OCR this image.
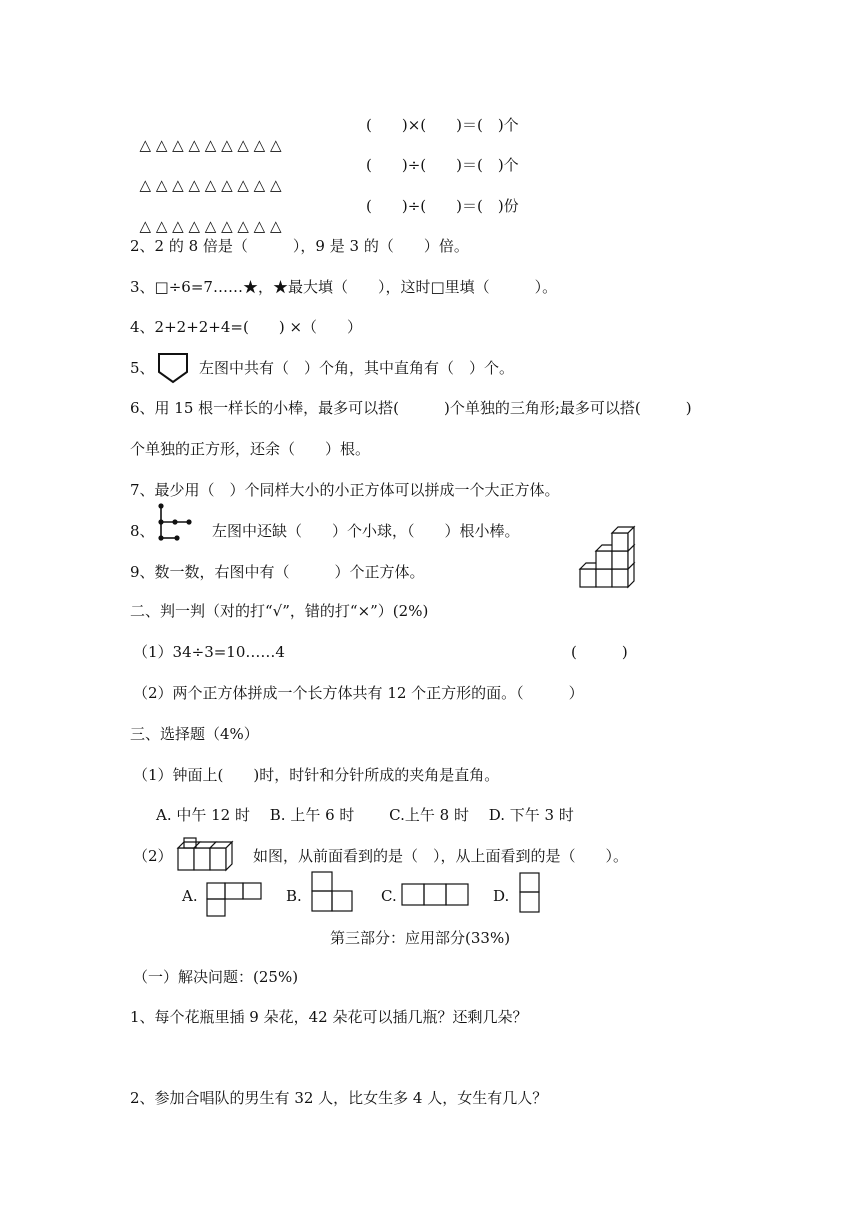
△ △ △ △ △ △ △ △ △

(　　)×(　　)＝(　)个

△ △ △ △ △ △ △ △ △

(　　)÷(　　)＝(　)个

△ △ △ △ △ △ △ △ △

(　　)÷(　　)＝(　)份
2、2 的 8 倍是（　　　），9 是 3 的（　　）倍。
3、□÷6=7……★，★最大填（　　），这时□里填（　　　）。
4、2+2+2+4=(　　) ×（　　）
5、	左图中共有（　）个角，其中直角有（　）个。
6、用 15 根一样长的小棒，最多可以搭(　　　)个单独的三角形;最多可以搭(　　　)
个单独的正方形，还余（　　）根。
7、最少用（　）个同样大小的小正方体可以拼成一个大正方体。
8、	左图中还缺（　　）个小球，（　　）根小棒。
9、数一数，右图中有（　　　）个正方体。
二、判一判（对的打“√”，错的打“×”）(2%)
（1）34÷3=10……4	(　　　)
（2）两个正方体拼成一个长方体共有 12 个正方形的面。（　　　）
三、选择题（4%）
（1）钟面上(　　)时，时针和分针所成的夹角是直角。
A. 中午 12 时　 B. 上午 6 时　　 C.上午 8 时　 D. 下午 3 时
（2）	如图，从前面看到的是（　），从上面看到的是（　　）。
A.	B.	C.	D.
第三部分：应用部分(33%)
（一）解决问题：(25%)
1、每个花瓶里插 9 朵花，42 朵花可以插几瓶？还剩几朵？
2、参加合唱队的男生有 32 人，比女生多 4 人，女生有几人？
